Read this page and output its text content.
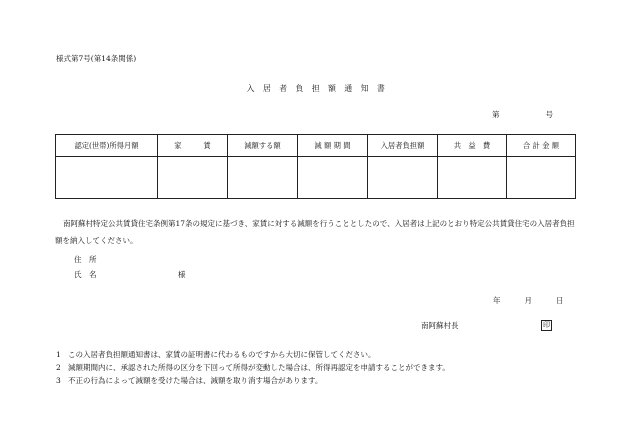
様式第7号(第14条関係)
入居者負担額通知書
第	号
認定(世帯)所得月額	家　　　賃	減額する額	減 額 期 間	入居者負担額	共　益　費	合 計 金 額

南阿蘇村特定公共賃貸住宅条例第17条の規定に基づき、家賃に対する減額を行うこととしたので、入居者は上記のとおり特定公共賃貸住宅の入居者負担額を納入してください。
住　所
氏　名	様
年	月	日
南阿蘇村長	印
1 この入居者負担額通知書は、家賃の証明書に代わるものですから大切に保管してください。
2 減額期間内に、承認された所得の区分を下回って所得が変動した場合は、所得再認定を申請することができます。
3 不正の行為によって減額を受けた場合は、減額を取り消す場合があります。
